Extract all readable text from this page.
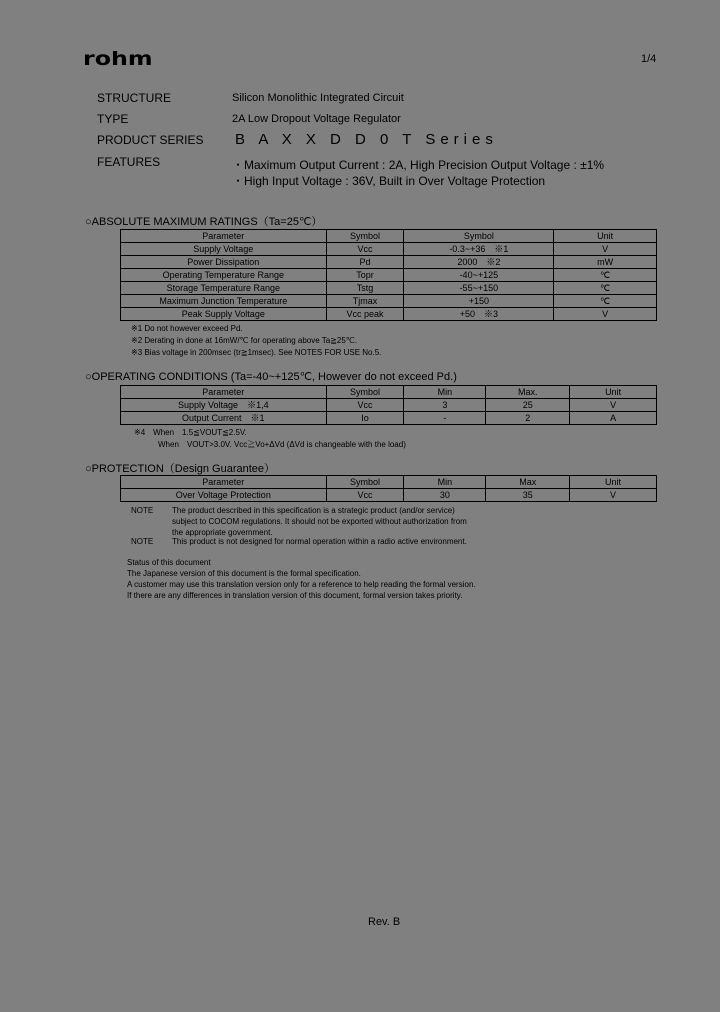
rohm	1/4
STRUCTURE	Silicon Monolithic Integrated Circuit
TYPE	2A Low Dropout Voltage Regulator
PRODUCT SERIES B A X X D D 0 T Series
FEATURES	・Maximum Output Current : 2A, High Precision Output Voltage : ±1%
・High Input Voltage : 36V, Built in Over Voltage Protection
○ABSOLUTE MAXIMUM RATINGS（Ta=25℃）
Parameter	Symbol	Symbol	Unit
Supply Voltage	Vcc	-0.3~+36　※1	V
Power Dissipation	Pd	2000　※2	mW
Operating Temperature Range	Topr	-40~+125	℃
Storage Temperature Range	Tstg	-55~+150	℃
Maximum Junction Temperature	Tjmax	+150	℃
Peak Supply Voltage	Vcc peak	+50　※3	V
※1 Do not however exceed Pd.
※2 Derating in done at 16mW/℃ for operating above Ta≧25℃.
※3 Bias voltage in 200msec (tr≧1msec). See NOTES FOR USE No.5.
○OPERATING CONDITIONS (Ta=-40~+125℃, However do not exceed Pd.)
Parameter	Symbol	Min	Max.	Unit
Supply Voltage　※1,4	Vcc	3	25	V
Output Current　※1	Io	-	2	A
※4　When　1.5≦VOUT≦2.5V.
When　VOUT>3.0V. Vcc≧Vo+ΔVd (ΔVd is changeable with the load)
○PROTECTION（Design Guarantee）
Parameter	Symbol	Min	Max	Unit
Over Voltage Protection	Vcc	30	35	V
NOTE The product described in this specification is a strategic product (and/or service)
subject to COCOM regulations. It should not be exported without authorization from
the appropriate government.
NOTE This product is not designed for normal operation within a radio active environment.
Status of this document
The Japanese version of this document is the formal specification.
A customer may use this translation version only for a reference to help reading the formal version.
If there are any differences in translation version of this document, formal version takes priority.
Rev. B
